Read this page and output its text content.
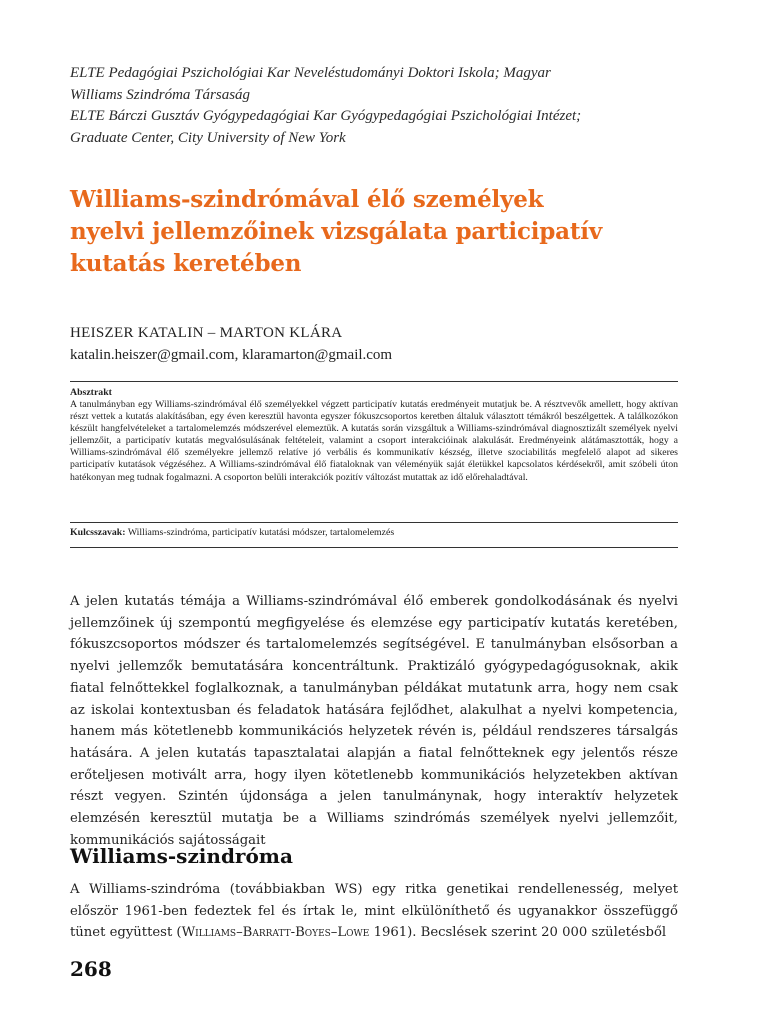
ELTE Pedagógiai Pszichológiai Kar Neveléstudományi Doktori Iskola; Magyar
Williams Szindróma Társaság
ELTE Bárczi Gusztáv Gyógypedagógiai Kar Gyógypedagógiai Pszichológiai Intézet;
Graduate Center, City University of New York
Williams-szindrómával élő személyek
nyelvi jellemzőinek vizsgálata participatív
kutatás keretében
HEISZER KATALIN – MARTON KLÁRA
katalin.heiszer@gmail.com, klaramarton@gmail.com
Absztrakt
A tanulmányban egy Williams-szindrómával élő személyekkel végzett participatív kutatás eredményeit mutatjuk be. A résztvevők amellett, hogy aktívan részt vettek a kutatás alakításában, egy éven keresztül havonta egyszer fókuszcsoportos keretben általuk választott témákról beszélgettek. A találkozókon készült hangfelvételeket a tartalomelemzés módszerével elemeztük. A kutatás során vizsgáltuk a Williams-szindrómával diagnosztizált személyek nyelvi jellemzőit, a participatív kutatás megvalósulásának feltételeit, valamint a csoport interakcióinak alakulását. Eredményeink alátámasztották, hogy a Williams-szindrómával élő személyekre jellemző relatíve jó verbális és kommunikatív készség, illetve szociabilitás megfelelő alapot ad sikeres participatív kutatások végzéséhez. A Williams-szindrómával élő fiataloknak van véleményük saját életükkel kapcsolatos kérdésekről, amit szóbeli úton hatékonyan meg tudnak fogalmazni. A csoporton belüli interakciók pozitív változást mutattak az idő előrehaladtával.
Kulcsszavak: Williams-szindróma, participatív kutatási módszer, tartalomelemzés
A jelen kutatás témája a Williams-szindrómával élő emberek gondolkodásának és nyelvi jellemzőinek új szempontú megfigyelése és elemzése egy participatív kutatás keretében, fókuszcsoportos módszer és tartalomelemzés segítségével. E tanulmányban elsősorban a nyelvi jellemzők bemutatására koncentráltunk. Praktizáló gyógypedagógusoknak, akik fiatal felnőttekkel foglalkoznak, a tanulmányban példákat mutatunk arra, hogy nem csak az iskolai kontextusban és feladatok hatására fejlődhet, alakulhat a nyelvi kompetencia, hanem más kötetlenebb kommunikációs helyzetek révén is, például rendszeres társalgás hatására. A jelen kutatás tapasztalatai alapján a fiatal felnőtteknek egy jelentős része erőteljesen motivált arra, hogy ilyen kötetlenebb kommunikációs helyzetekben aktívan részt vegyen. Szintén újdonsága a jelen tanulmánynak, hogy interaktív helyzetek elemzésén keresztül mutatja be a Williams szindrómás személyek nyelvi jellemzőit, kommunikációs sajátosságait
Williams-szindróma
A Williams-szindróma (továbbiakban WS) egy ritka genetikai rendellenesség, melyet először 1961-ben fedeztek fel és írtak le, mint elkülöníthető és ugyanakkor összefüggő tünet együttest (Williams–Barratt-Boyes–Lowe 1961). Becslések szerint 20 000 születésből
268
